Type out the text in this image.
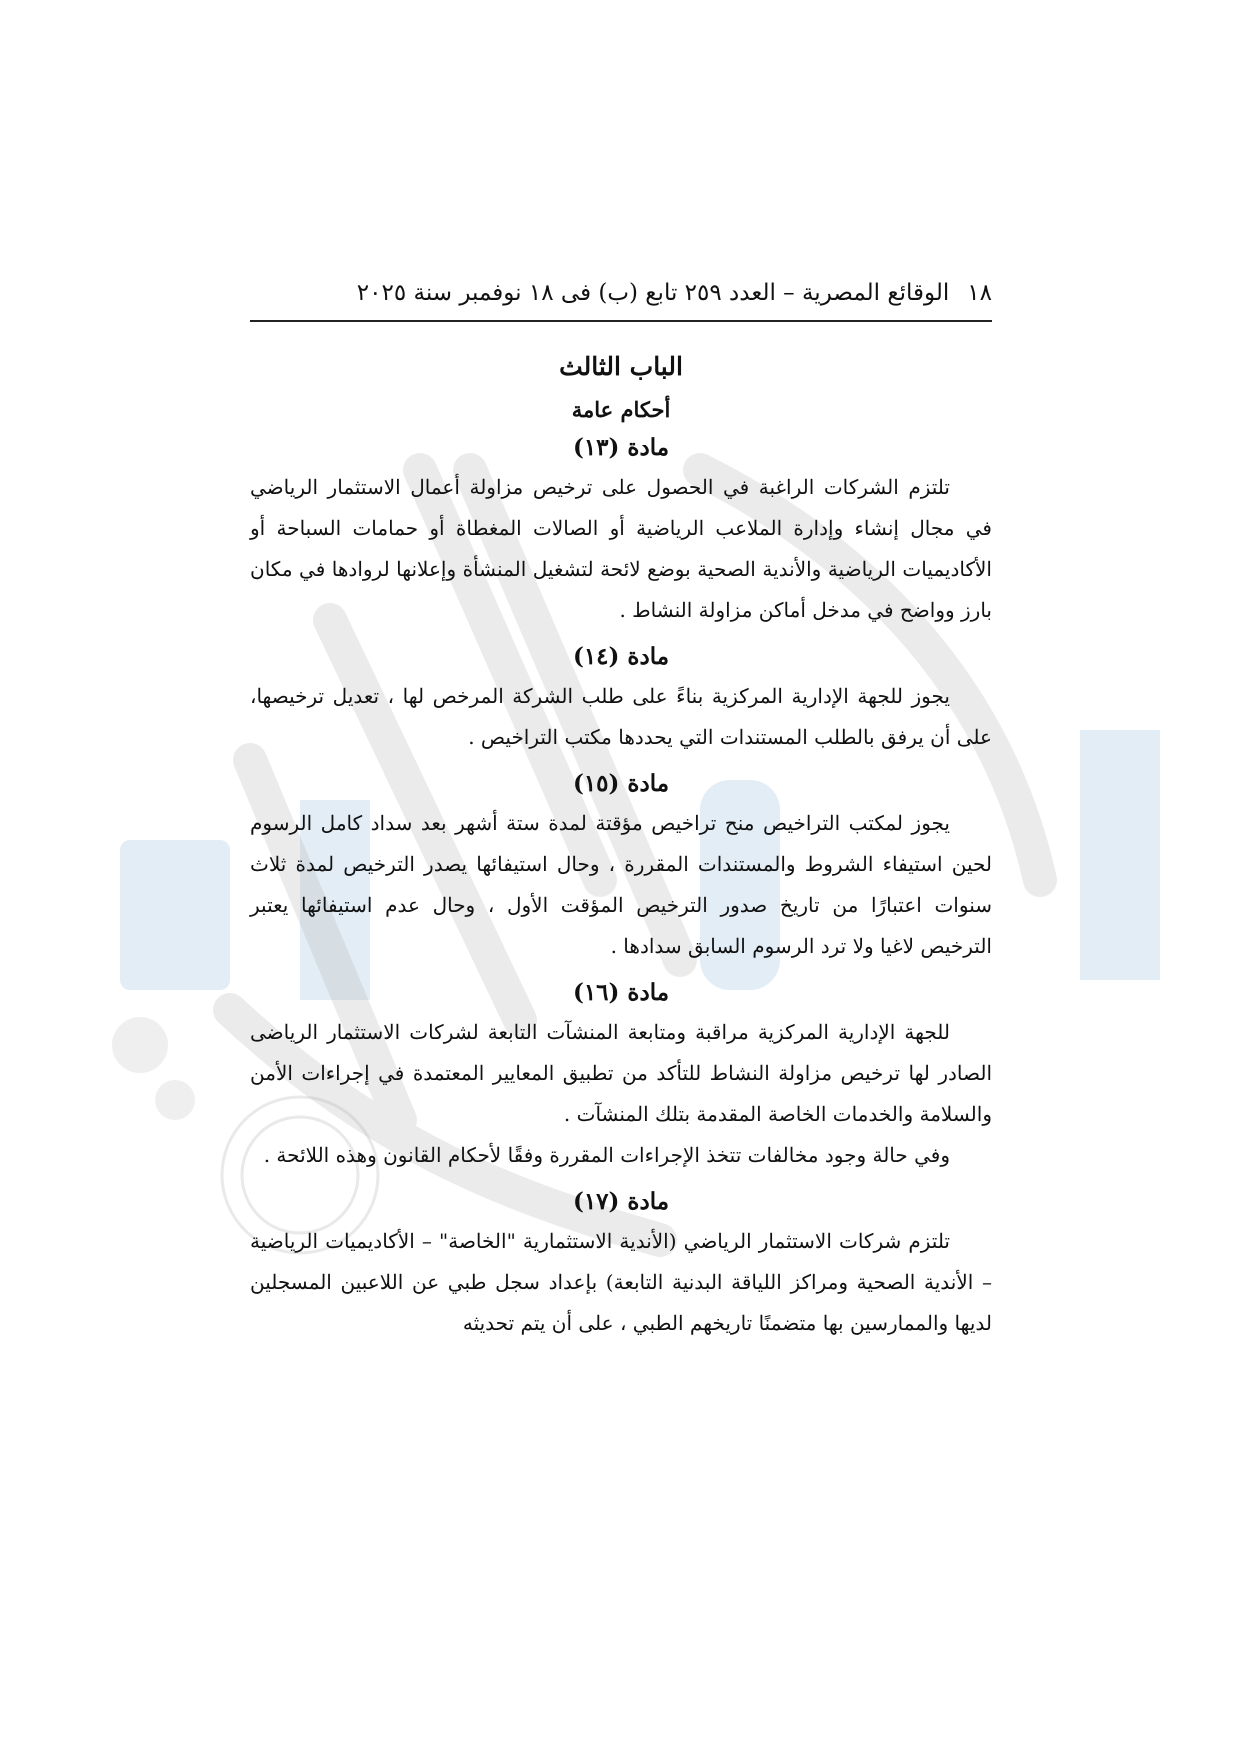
١٨
الوقائع المصرية – العدد ٢٥٩ تابع (ب) فى ١٨ نوفمبر سنة ٢٠٢٥
الباب الثالث
أحكام عامة
مادة (١٣)

تلتزم الشركات الراغبة في الحصول على ترخيص مزاولة أعمال الاستثمار الرياضي في مجال إنشاء وإدارة الملاعب الرياضية أو الصالات المغطاة أو حمامات السباحة أو الأكاديميات الرياضية والأندية الصحية بوضع لائحة لتشغيل المنشأة وإعلانها لروادها في مكان بارز وواضح في مدخل أماكن مزاولة النشاط .

مادة (١٤)

يجوز للجهة الإدارية المركزية بناءً على طلب الشركة المرخص لها ، تعديل ترخيصها، على أن يرفق بالطلب المستندات التي يحددها مكتب التراخيص .

مادة (١٥)

يجوز لمكتب التراخيص منح تراخيص مؤقتة لمدة ستة أشهر بعد سداد كامل الرسوم لحين استيفاء الشروط والمستندات المقررة ، وحال استيفائها يصدر الترخيص لمدة ثلاث سنوات اعتبارًا من تاريخ صدور الترخيص المؤقت الأول ، وحال عدم استيفائها يعتبر الترخيص لاغيا ولا ترد الرسوم السابق سدادها .

مادة (١٦)

للجهة الإدارية المركزية مراقبة ومتابعة المنشآت التابعة لشركات الاستثمار الرياضى الصادر لها ترخيص مزاولة النشاط للتأكد من تطبيق المعايير المعتمدة في إجراءات الأمن والسلامة والخدمات الخاصة المقدمة بتلك المنشآت .

وفي حالة وجود مخالفات تتخذ الإجراءات المقررة وفقًا لأحكام القانون وهذه اللائحة .

مادة (١٧)

تلتزم شركات الاستثمار الرياضي (الأندية الاستثمارية "الخاصة" – الأكاديميات الرياضية – الأندية الصحية ومراكز اللياقة البدنية التابعة) بإعداد سجل طبي عن اللاعبين المسجلين لديها والممارسين بها متضمنًا تاريخهم الطبي ، على أن يتم تحديثه
